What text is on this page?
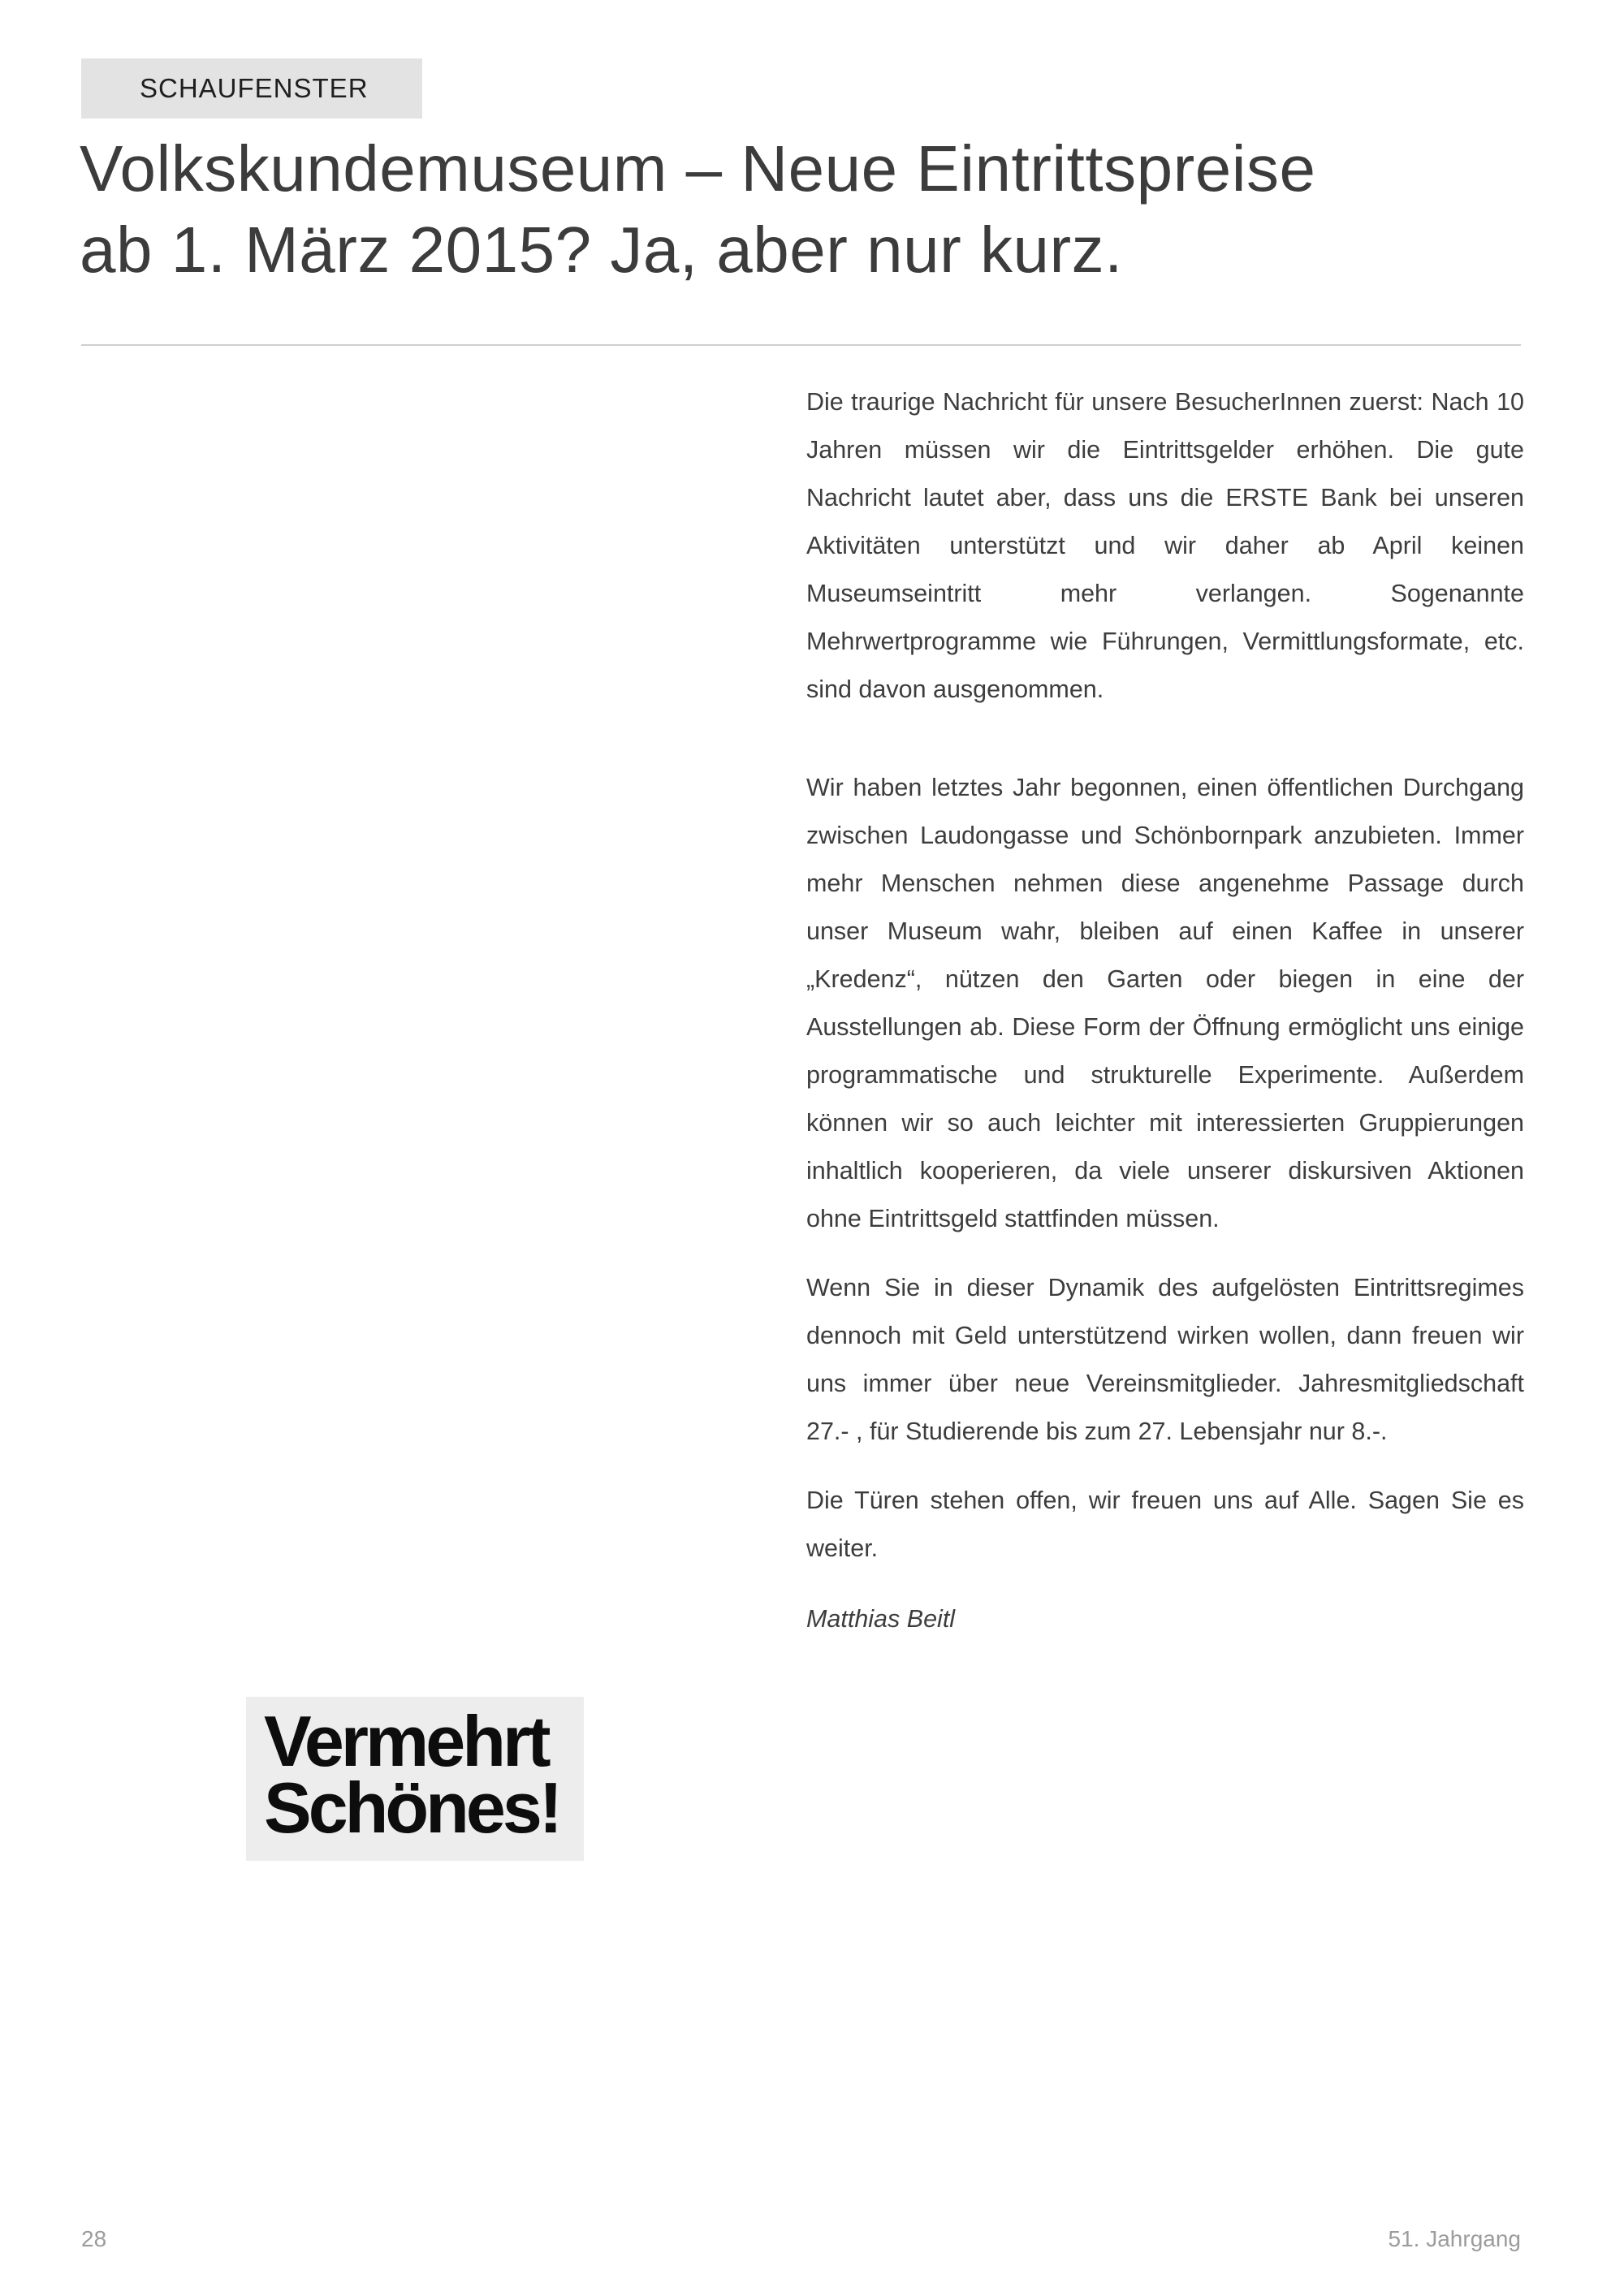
SCHAUFENSTER
Volkskundemuseum – Neue Eintrittspreise
ab 1. März 2015? Ja, aber nur kurz.

Die traurige Nachricht für unsere BesucherInnen zuerst: Nach 10 Jahren müssen wir die Eintrittsgelder erhöhen. Die gute Nachricht lautet aber, dass uns die ERSTE Bank bei unseren Aktivitäten unterstützt und wir daher ab April keinen Museumseintritt mehr verlangen. Sogenannte Mehrwertprogramme wie Führungen, Vermittlungsformate, etc. sind davon ausgenommen.

Wir haben letztes Jahr begonnen, einen öffentlichen Durchgang zwischen Laudongasse und Schönbornpark anzubieten. Immer mehr Menschen nehmen diese angenehme Passage durch unser Museum wahr, bleiben auf einen Kaffee in unserer „Kredenz“, nützen den Garten oder biegen in eine der Ausstellungen ab. Diese Form der Öffnung ermöglicht uns einige programmatische und strukturelle Experimente. Außerdem können wir so auch leichter mit interessierten Gruppierungen inhaltlich kooperieren, da viele unserer diskursiven Aktionen ohne Eintrittsgeld stattfinden müssen.

Wenn Sie in dieser Dynamik des aufgelösten Eintrittsregimes dennoch mit Geld unterstützend wirken wollen, dann freuen wir uns immer über neue Vereinsmitglieder. Jahresmitgliedschaft 27.- , für Studierende bis zum 27. Lebensjahr nur 8.-.

Die Türen stehen offen, wir freuen uns auf Alle. Sagen Sie es weiter.

Matthias Beitl

Vermehrt
Schönes!
28	51. Jahrgang
